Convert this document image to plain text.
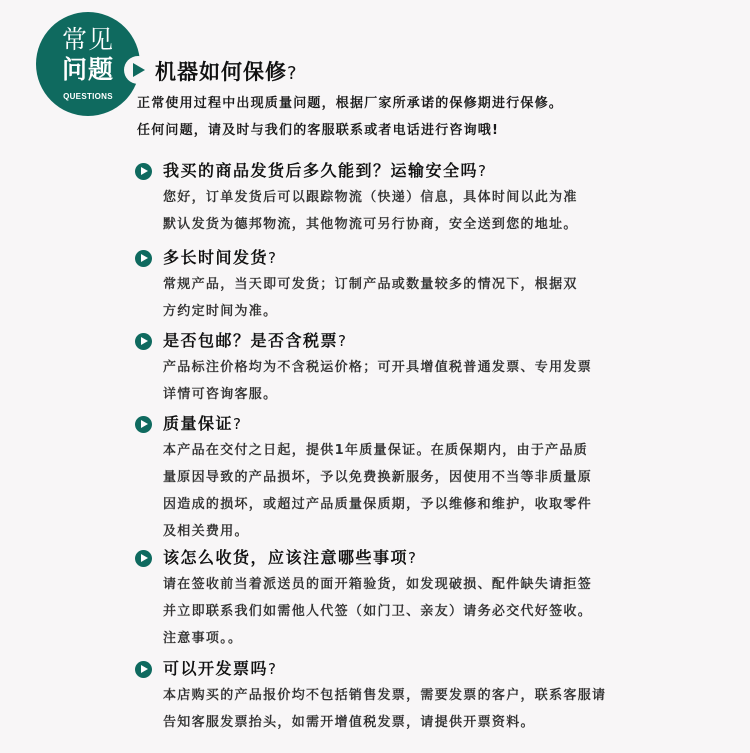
常见
问题
QUESTIONS
机器如何保修?
正常使用过程中出现质量问题，根据厂家所承诺的保修期进行保修。
任何问题，请及时与我们的客服联系或者电话进行咨询哦!
我买的商品发货后多久能到？运输安全吗?
您好，订单发货后可以跟踪物流（快递）信息，具体时间以此为准
默认发货为德邦物流，其他物流可另行协商，安全送到您的地址。
多长时间发货?
常规产品，当天即可发货；订制产品或数量较多的情况下，根据双
方约定时间为准。
是否包邮？是否含税票?
产品标注价格均为不含税运价格；可开具增值税普通发票、专用发票
详情可咨询客服。
质量保证?
本产品在交付之日起，提供1年质量保证。在质保期内，由于产品质
量原因导致的产品损坏，予以免费换新服务，因使用不当等非质量原
因造成的损坏，或超过产品质量保质期，予以维修和维护，收取零件
及相关费用。
该怎么收货，应该注意哪些事项?
请在签收前当着派送员的面开箱验货，如发现破损、配件缺失请拒签
并立即联系我们如需他人代签（如门卫、亲友）请务必交代好签收。
注意事项。。
可以开发票吗?
本店购买的产品报价均不包括销售发票，需要发票的客户，联系客服请
告知客服发票抬头，如需开增值税发票，请提供开票资料。
